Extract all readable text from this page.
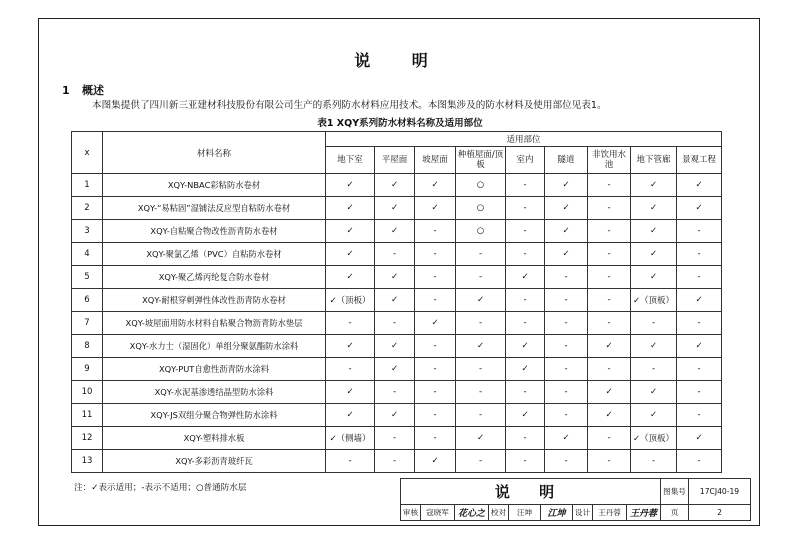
说 明
1 概述
本图集提供了四川新三亚建材科技股份有限公司生产的系列防水材料应用技术。本图集涉及的防水材料及使用部位见表1。
表1 XQY系列防水材料名称及适用部位
x	材料名称	适用部位								
		地下室	平屋面	坡屋面	种植屋面/顶板	室内	隧道	非饮用水池	地下管廊	景观工程
1	XQY-NBAC彩粘防水卷材	✓	✓	✓	○	-	✓	-	✓	✓
2	XQY-“易粘固”湿铺法反应型自粘防水卷材	✓	✓	✓	○	-	✓	-	✓	✓
3	XQY-自粘聚合物改性沥青防水卷材	✓	✓	-	○	-	✓	-	✓	-
4	XQY-聚氯乙烯（PVC）自粘防水卷材	✓	-	-	-	-	✓	-	✓	-
5	XQY-聚乙烯丙纶复合防水卷材	✓	✓	-	-	✓	-	-	✓	-
6	XQY-耐根穿刺弹性体改性沥青防水卷材	✓（顶板）	✓	-	✓	-	-	-	✓（顶板）	✓
7	XQY-坡屋面用防水材料自粘聚合物沥青防水垫层	-	-	✓	-	-	-	-	-	-
8	XQY-水力士（湿固化）单组分聚氨酯防水涂料	✓	✓	-	✓	✓	-	✓	✓	✓
9	XQY-PUT自愈性沥青防水涂料	-	✓	-	-	✓	-	-	-	-
10	XQY-水泥基渗透结晶型防水涂料	✓	-	-	-	-	-	✓	✓	-
11	XQY-JS双组分聚合物弹性防水涂料	✓	✓	-	-	✓	-	✓	✓	-
12	XQY-塑料排水板	✓（侧墙）	-	-	✓	-	✓	-	✓（顶板）	✓
13	XQY-多彩沥青玻纤瓦	-	-	✓	-	-	-	-	-	-
注：✓表示适用；-表示不适用；○普通防水层	说 明									图集号	17CJ40-19
审核	寇晓军	花心之	校对	汪坤	江坤	设计	王丹蓉	王丹蓉	页	2
